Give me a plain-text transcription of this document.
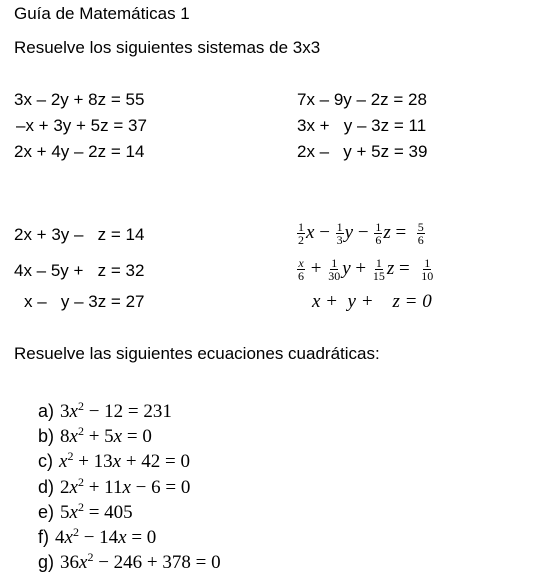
Guía de Matemáticas 1
Resuelve los siguientes sistemas de 3x3
3x – 2y + 8z = 55
–x + 3y + 5z = 37
2x + 4y – 2z = 14
7x – 9y – 2z = 28
3x +   y – 3z = 11
2x –   y + 5z = 39
2x + 3y –   z = 14
4x – 5y +   z = 32
x –   y – 3z = 27
$\frac{1}{2}$ $x - \frac{1}{3}$ $y - \frac{1}{6}$ $z = \frac{5}{6}$
$\frac{x}{6} + \frac{1}{30}$ $y + \frac{1}{15}$ $z = \frac{1}{10}$
x +  y +    z = 0
Resuelve las siguientes ecuaciones cuadráticas:
a) $3x^2 - 12 = 231$
b) $8x^2 + 5x = 0$
c) $x^2 + 13x + 42 = 0$
d) $2x^2 + 11x - 6 = 0$
e) $5x^2 = 405$
f) $4x^2 - 14x = 0$
g) $36x^2 - 246 + 378 = 0$
